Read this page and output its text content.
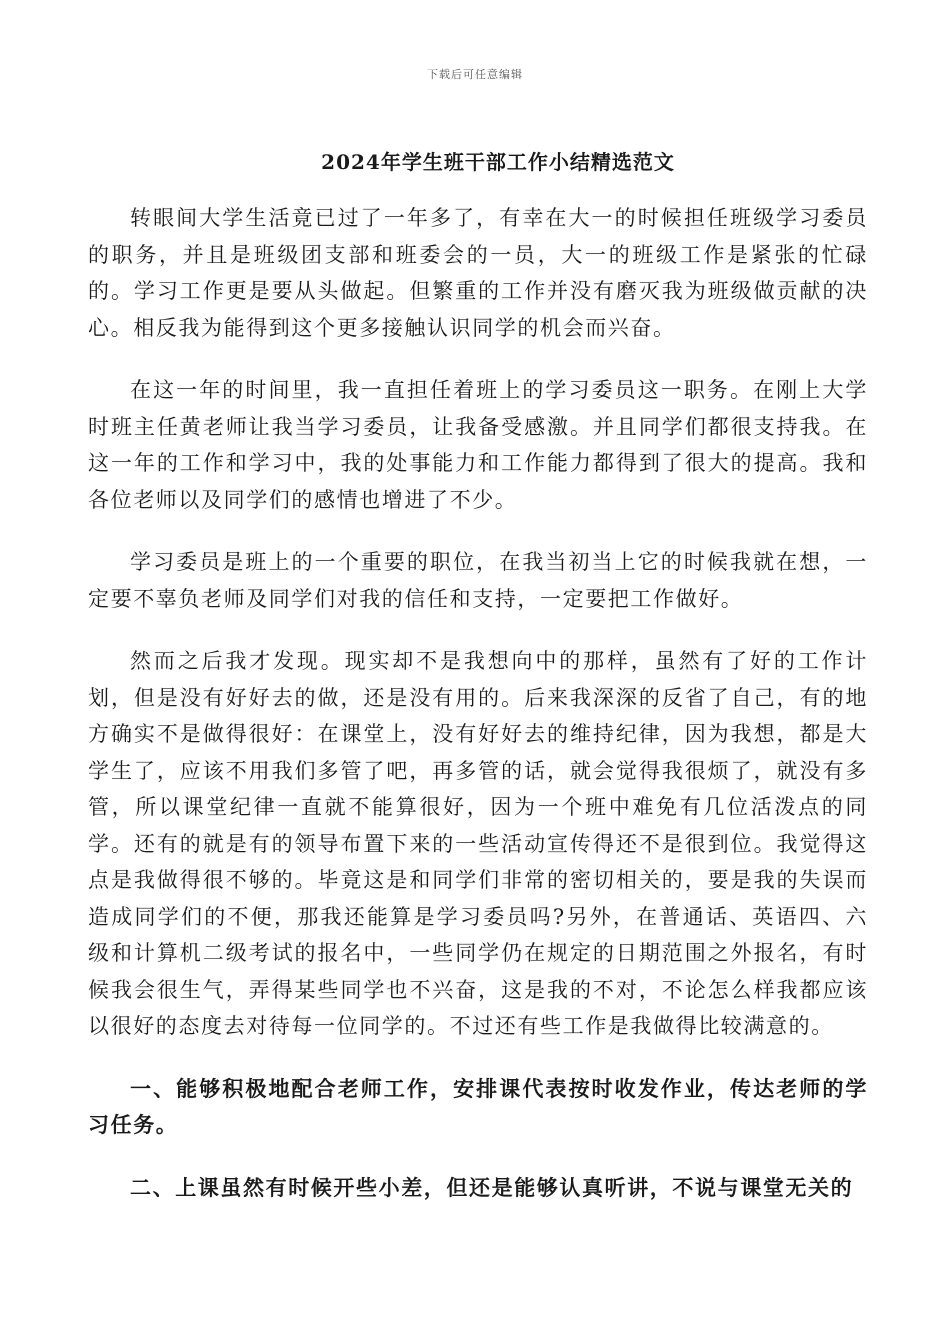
下载后可任意编辑
2024年学生班干部工作小结精选范文

转眼间大学生活竟已过了一年多了，有幸在大一的时候担任班级学习委员的职务，并且是班级团支部和班委会的一员，大一的班级工作是紧张的忙碌的。学习工作更是要从头做起。但繁重的工作并没有磨灭我为班级做贡献的决心。相反我为能得到这个更多接触认识同学的机会而兴奋。

在这一年的时间里，我一直担任着班上的学习委员这一职务。在刚上大学时班主任黄老师让我当学习委员，让我备受感激。并且同学们都很支持我。在这一年的工作和学习中，我的处事能力和工作能力都得到了很大的提高。我和各位老师以及同学们的感情也增进了不少。

学习委员是班上的一个重要的职位，在我当初当上它的时候我就在想，一定要不辜负老师及同学们对我的信任和支持，一定要把工作做好。

然而之后我才发现。现实却不是我想向中的那样，虽然有了好的工作计划，但是没有好好去的做，还是没有用的。后来我深深的反省了自己，有的地方确实不是做得很好：在课堂上，没有好好去的维持纪律，因为我想，都是大学生了，应该不用我们多管了吧，再多管的话，就会觉得我很烦了，就没有多管，所以课堂纪律一直就不能算很好，因为一个班中难免有几位活泼点的同学。还有的就是有的领导布置下来的一些活动宣传得还不是很到位。我觉得这点是我做得很不够的。毕竟这是和同学们非常的密切相关的，要是我的失误而造成同学们的不便，那我还能算是学习委员吗?另外，在普通话、英语四、六级和计算机二级考试的报名中，一些同学仍在规定的日期范围之外报名，有时候我会很生气，弄得某些同学也不兴奋，这是我的不对，不论怎么样我都应该以很好的态度去对待每一位同学的。不过还有些工作是我做得比较满意的。

一、能够积极地配合老师工作，安排课代表按时收发作业，传达老师的学习任务。

二、上课虽然有时候开些小差，但还是能够认真听讲，不说与课堂无关的
